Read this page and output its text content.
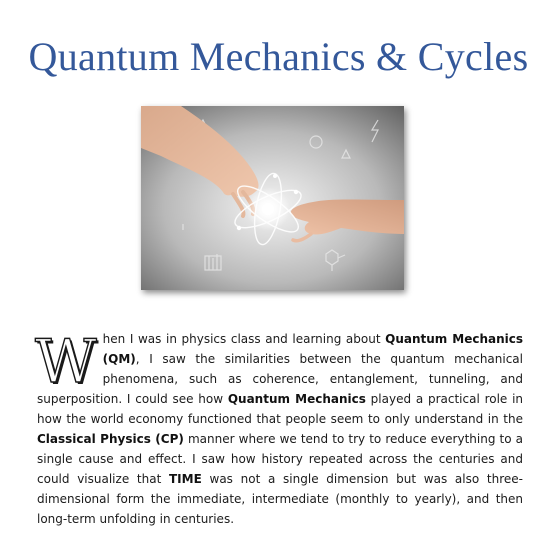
Quantum Mechanics & Cycles
When I was in physics class and learning about Quantum Mechanics (QM), I saw the similarities between the quantum mechanical phenomena, such as coherence, entanglement, tunneling, and superposition. I could see how Quantum Mechanics played a practical role in how the world economy functioned that people seem to only understand in the Classical Physics (CP) manner where we tend to try to reduce everything to a single cause and effect. I saw how history repeated across the centuries and could visualize that TIME was not a single dimension but was also three-dimensional form the immediate, intermediate (monthly to yearly), and then long-term unfolding in centuries.
